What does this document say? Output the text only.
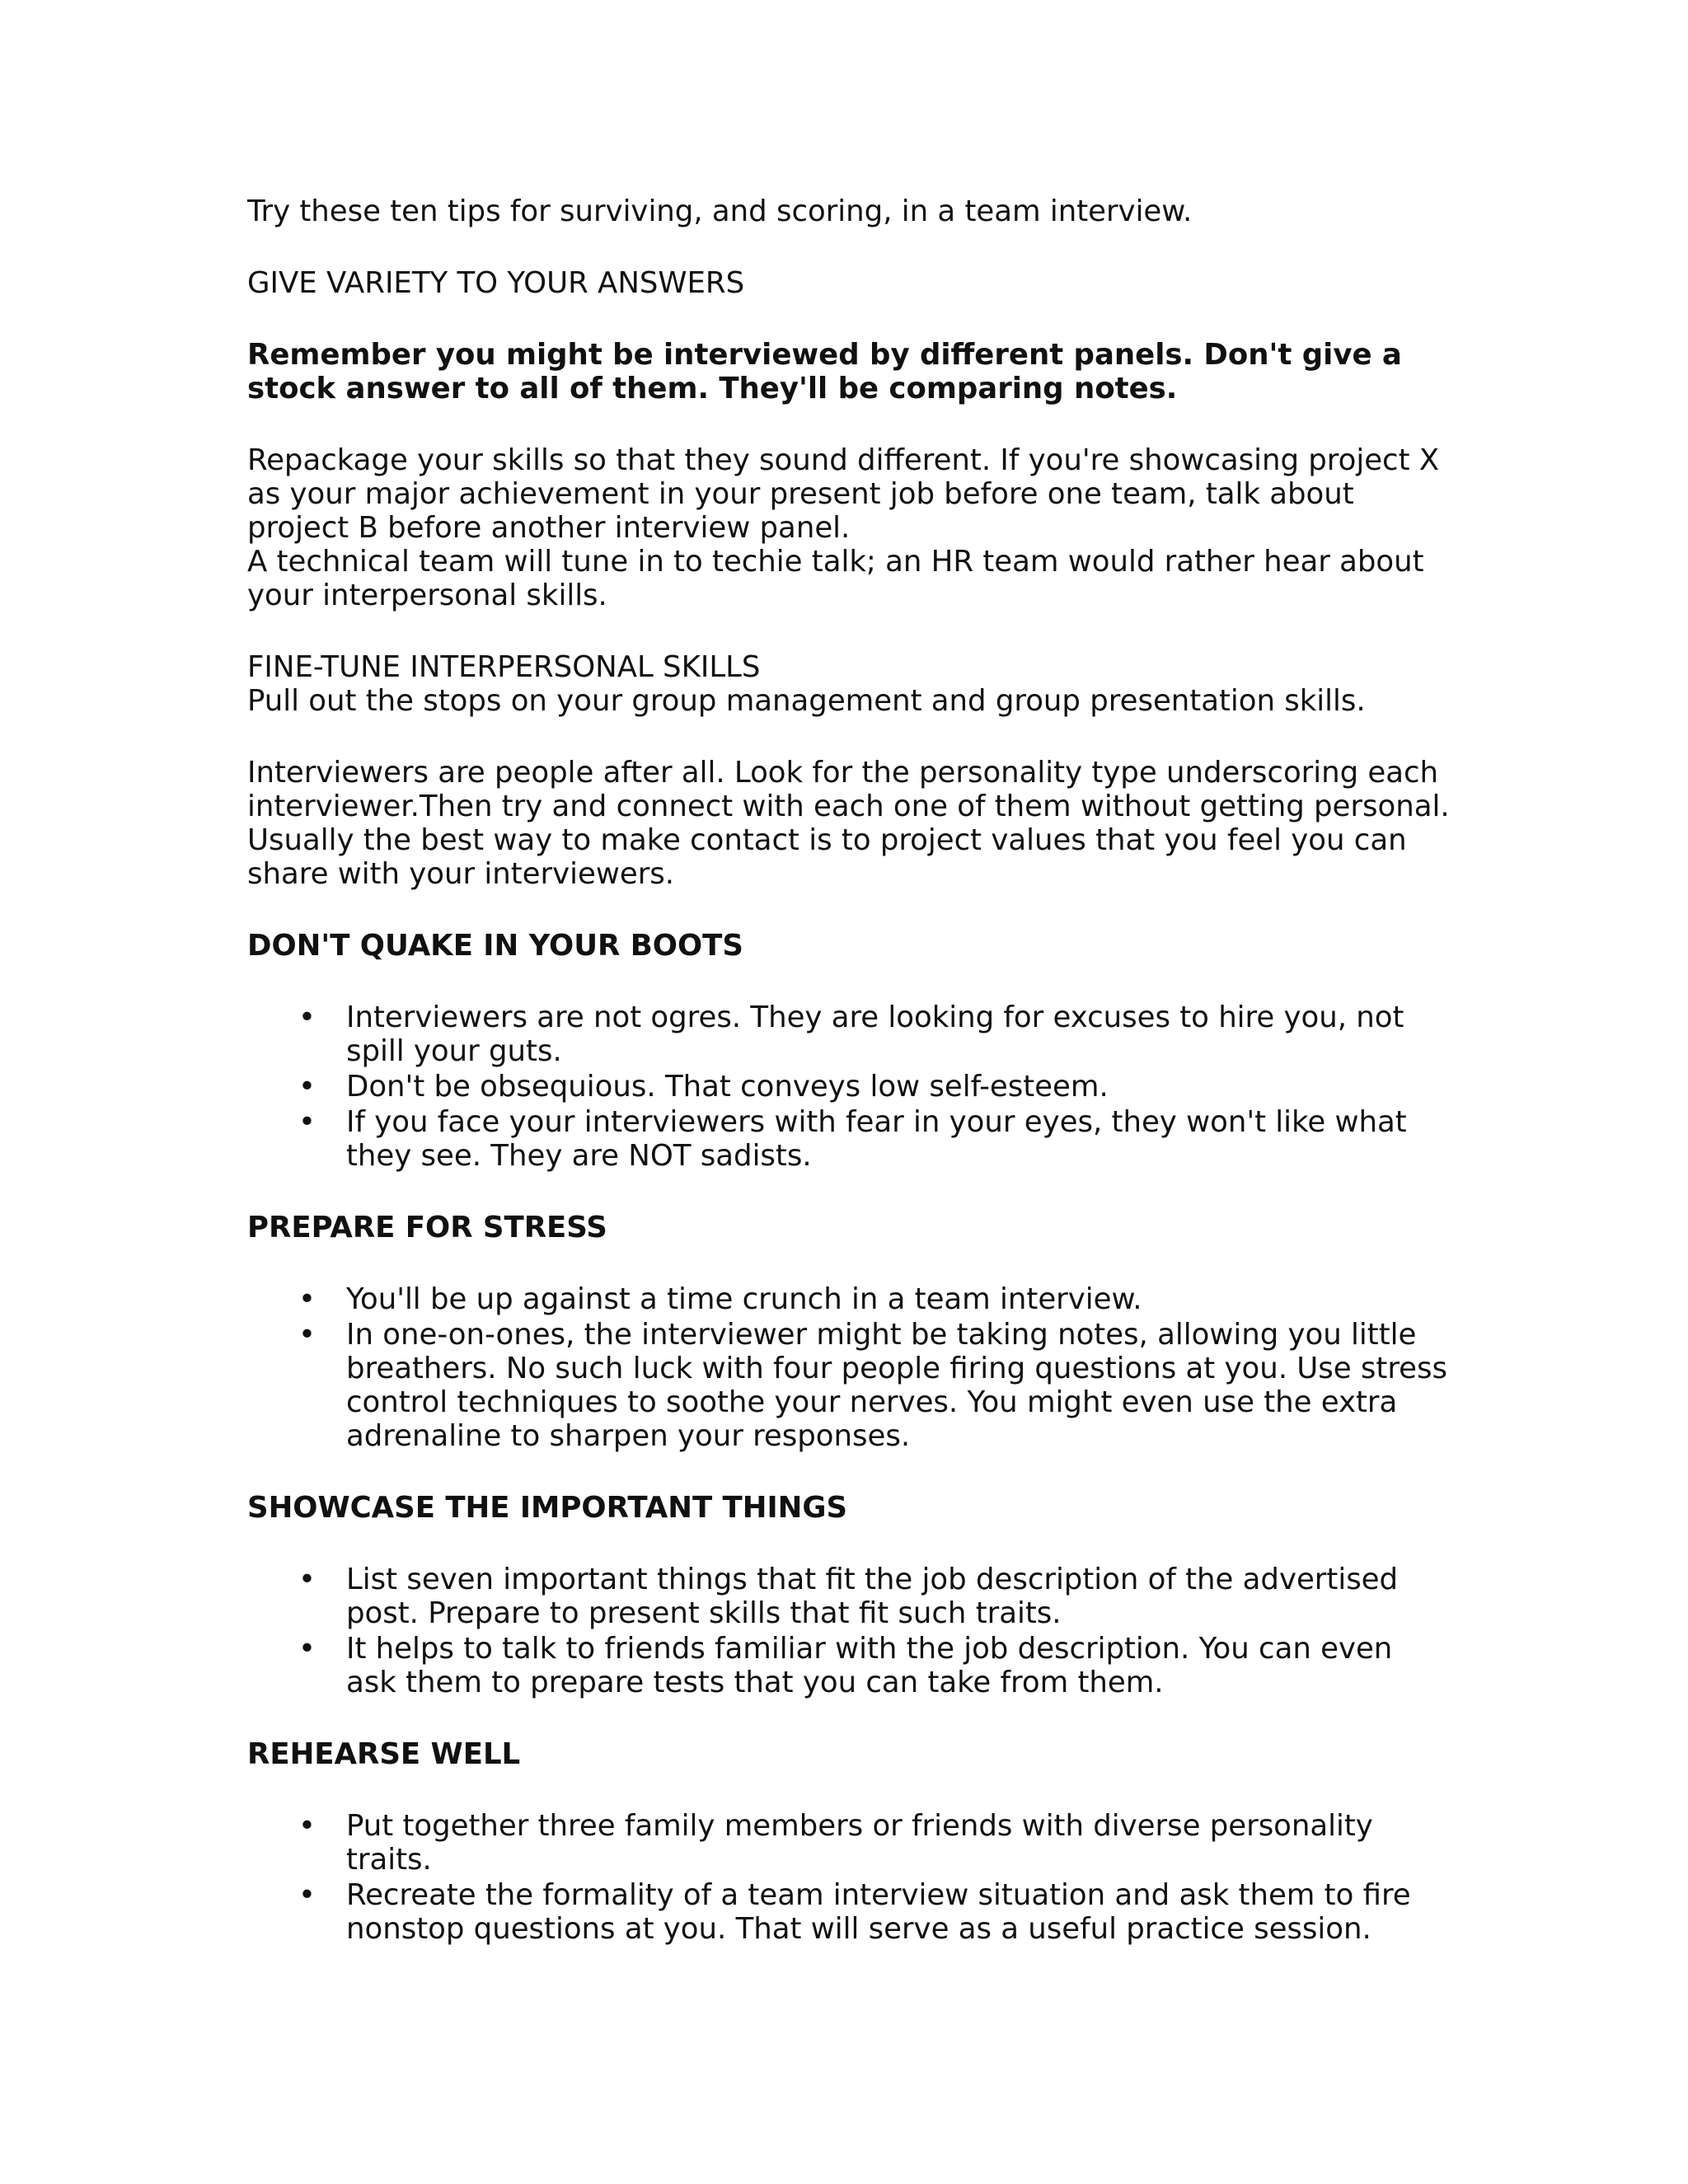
Try these ten tips for surviving, and scoring, in a team interview.

GIVE VARIETY TO YOUR ANSWERS

Remember you might be interviewed by different panels. Don't give a stock answer to all of them. They'll be comparing notes.

Repackage your skills so that they sound different. If you're showcasing project X as your major achievement in your present job before one team, talk about project B before another interview panel.

A technical team will tune in to techie talk; an HR team would rather hear about your interpersonal skills.

FINE-TUNE INTERPERSONAL SKILLS

Pull out the stops on your group management and group presentation skills.

Interviewers are people after all. Look for the personality type underscoring each interviewer.Then try and connect with each one of them without getting personal. Usually the best way to make contact is to project values that you feel you can share with your interviewers.

DON'T QUAKE IN YOUR BOOTS
• Interviewers are not ogres. They are looking for excuses to hire you, not spill your guts.
• Don't be obsequious. That conveys low self-esteem.
• If you face your interviewers with fear in your eyes, they won't like what they see. They are NOT sadists.
PREPARE FOR STRESS
• You'll be up against a time crunch in a team interview.
• In one-on-ones, the interviewer might be taking notes, allowing you little breathers. No such luck with four people firing questions at you. Use stress control techniques to soothe your nerves. You might even use the extra adrenaline to sharpen your responses.
SHOWCASE THE IMPORTANT THINGS
• List seven important things that fit the job description of the advertised post. Prepare to present skills that fit such traits.
• It helps to talk to friends familiar with the job description. You can even ask them to prepare tests that you can take from them.
REHEARSE WELL
• Put together three family members or friends with diverse personality traits.
• Recreate the formality of a team interview situation and ask them to fire nonstop questions at you. That will serve as a useful practice session.
